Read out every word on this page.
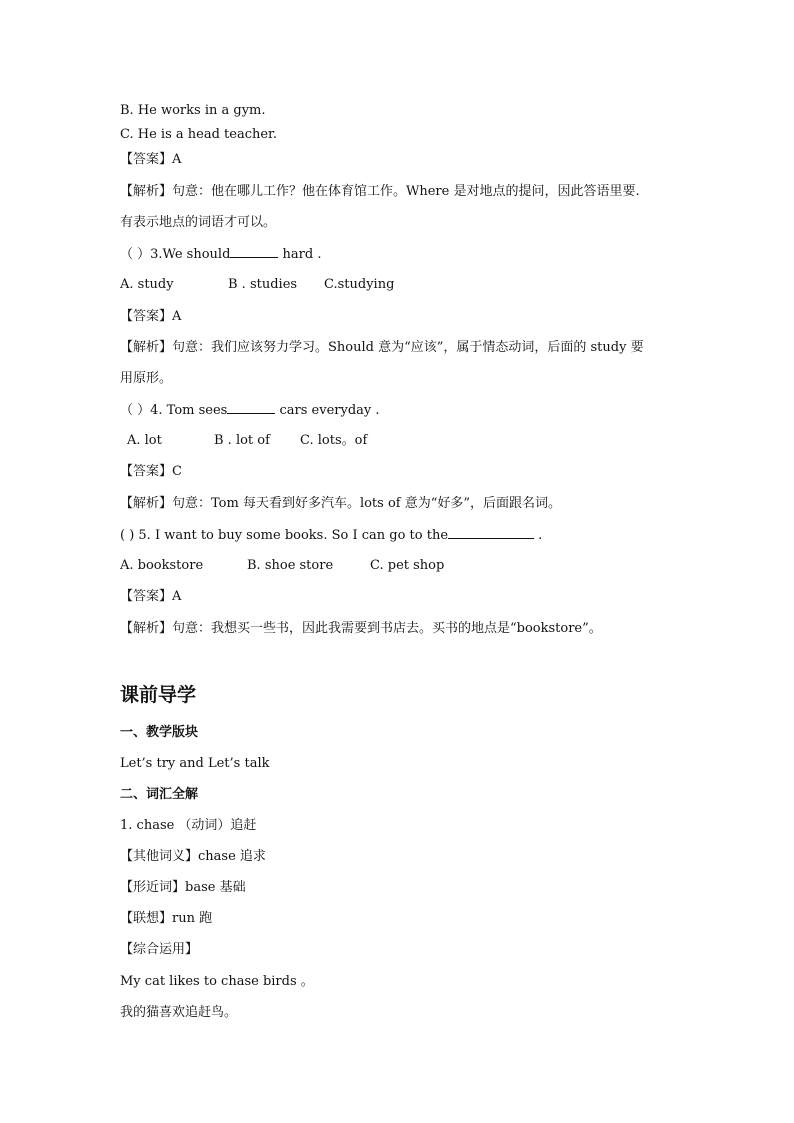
B. He works in a gym.
C. He is a head teacher.
【答案】A
【解析】句意：他在哪儿工作？他在体育馆工作。Where 是对地点的提问，因此答语里要.
有表示地点的词语才可以。
（ ）3.We should	hard .
A. study	B . studies C.studying
【答案】A
【解析】句意：我们应该努力学习。Should 意为“应该”，属于情态动词，后面的 study 要
用原形。
（ ）4. Tom sees	cars everyday .
A. lot	B . lot of C. lots。of
【答案】C
【解析】句意：Tom 每天看到好多汽车。lots of 意为“好多”，后面跟名词。
( ) 5. I want to buy some books. So I can go to the	.
A. bookstore	B. shoe store	C. pet shop
【答案】A
【解析】句意：我想买一些书，因此我需要到书店去。买书的地点是“bookstore”。
课前导学
一、教学版块
Let’s try and Let’s talk
二、词汇全解
1. chase （动词）追赶
【其他词义】chase 追求
【形近词】base 基础
【联想】run 跑
【综合运用】
My cat likes to chase birds 。
我的猫喜欢追赶鸟。
